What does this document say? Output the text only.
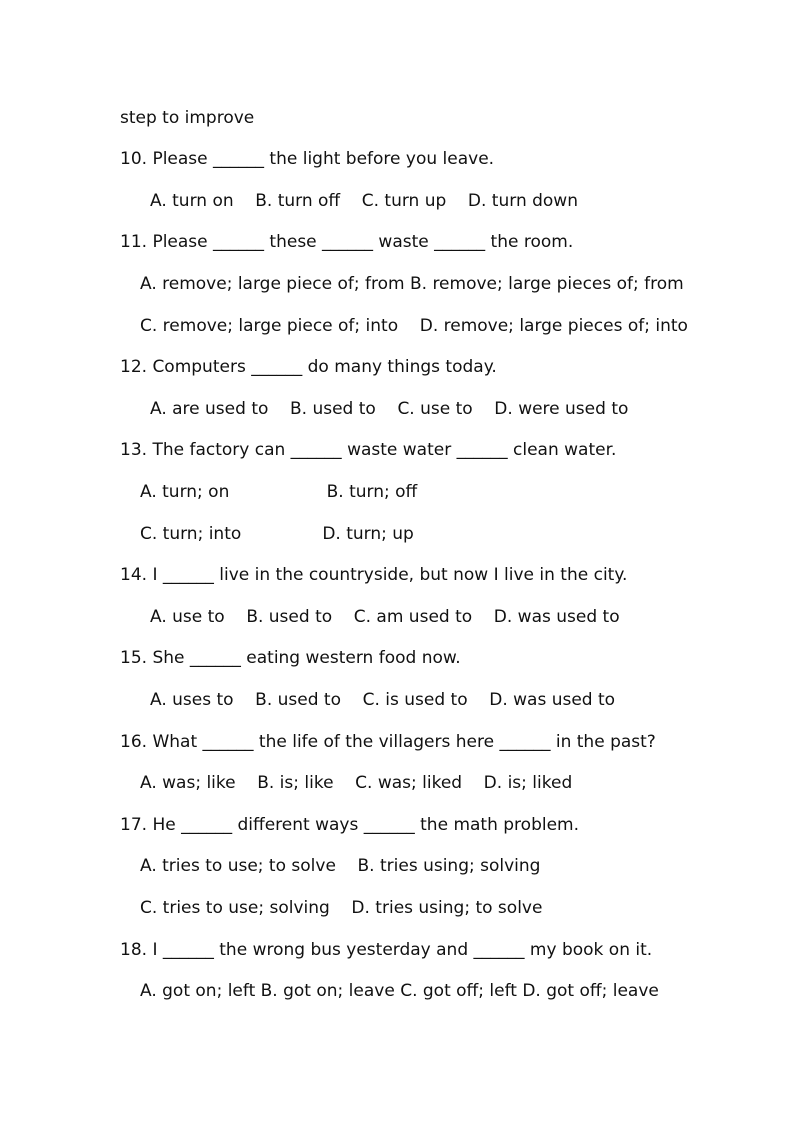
step to improve

10. Please ______ the light before you leave.

A. turn on    B. turn off    C. turn up    D. turn down

11. Please ______ these ______ waste ______ the room.

A. remove; large piece of; from B. remove; large pieces of; from

C. remove; large piece of; into    D. remove; large pieces of; into

12. Computers ______ do many things today.

A. are used to    B. used to    C. use to    D. were used to

13. The factory can ______ waste water ______ clean water.

A. turn; on                  B. turn; off

C. turn; into               D. turn; up

14. I ______ live in the countryside, but now I live in the city.

A. use to    B. used to    C. am used to    D. was used to

15. She ______ eating western food now.

A. uses to    B. used to    C. is used to    D. was used to

16. What ______ the life of the villagers here ______ in the past?

A. was; like    B. is; like    C. was; liked    D. is; liked

17. He ______ different ways ______ the math problem.

A. tries to use; to solve    B. tries using; solving

C. tries to use; solving    D. tries using; to solve

18. I ______ the wrong bus yesterday and ______ my book on it.

A. got on; left B. got on; leave C. got off; left D. got off; leave
